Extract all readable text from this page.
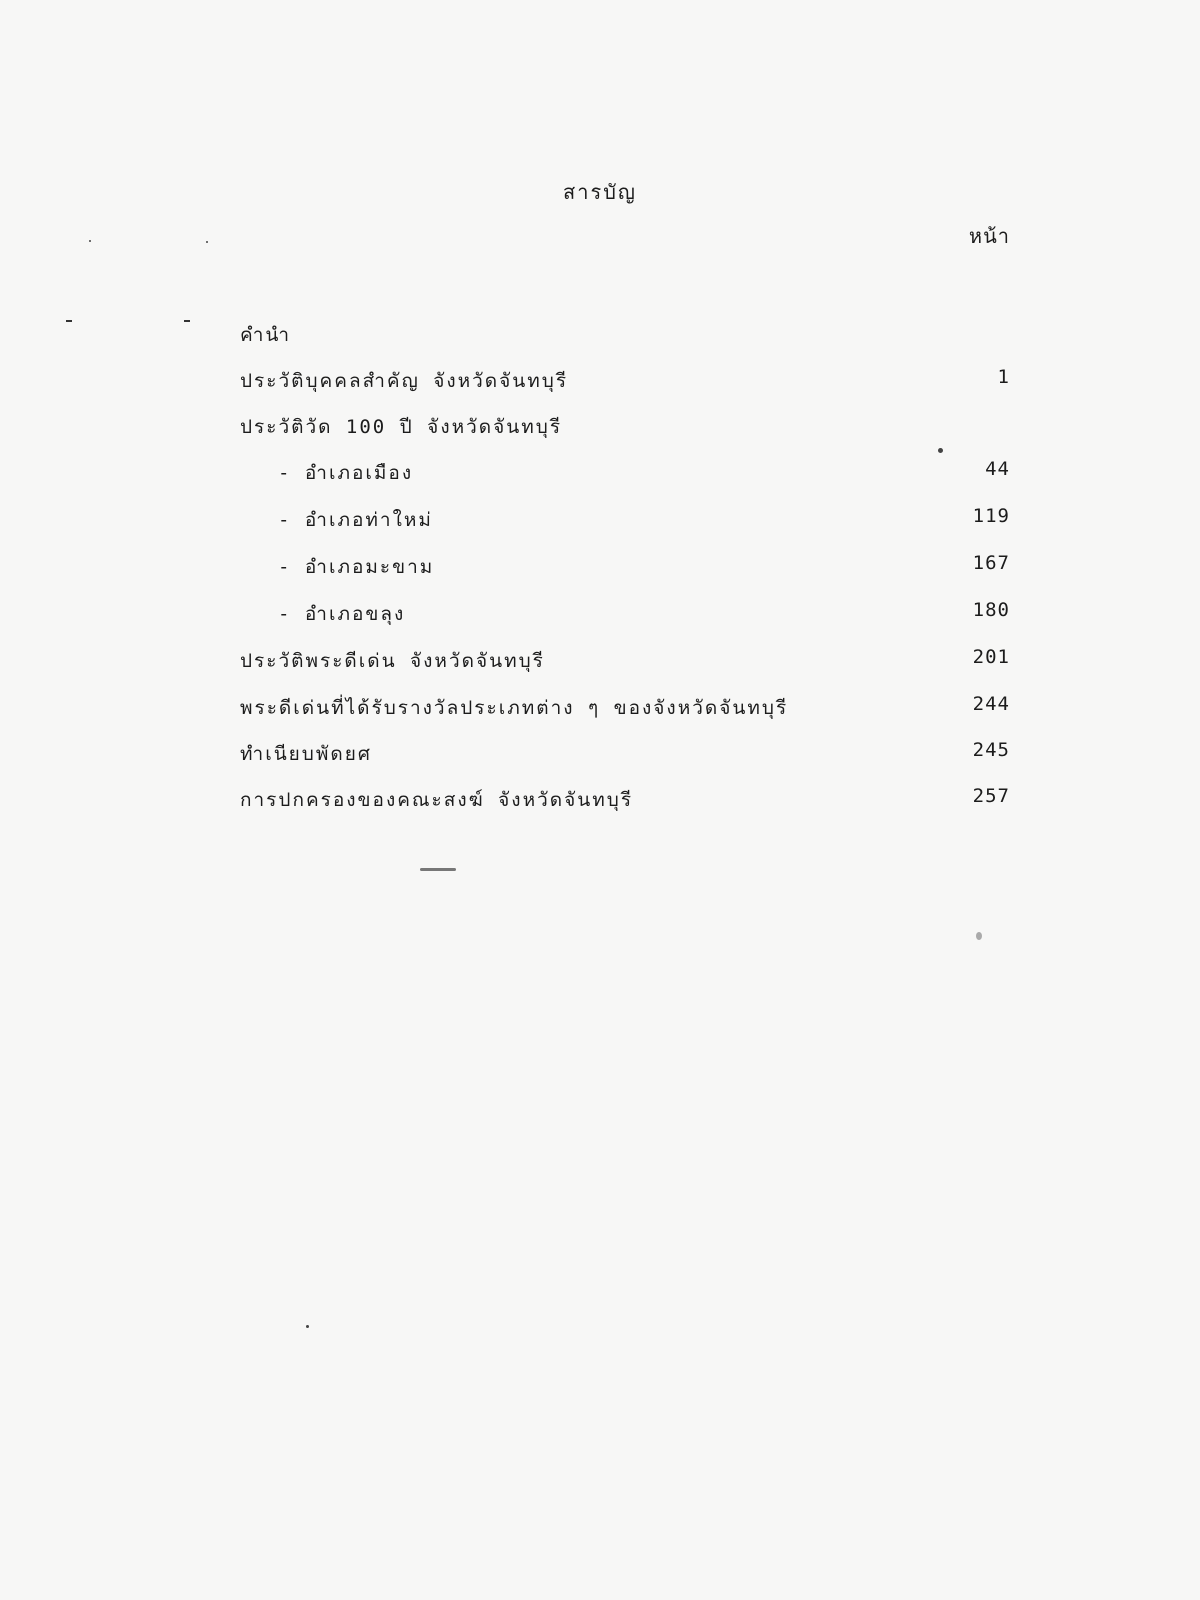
สารบัญ
หน้า
คำนำ
ประวัติบุคคลสำคัญ จังหวัดจันทบุรี	1
ประวัติวัด 100 ปี จังหวัดจันทบุรี
- อำเภอเมือง	44
- อำเภอท่าใหม่	119
- อำเภอมะขาม	167
- อำเภอขลุง	180
ประวัติพระดีเด่น จังหวัดจันทบุรี	201
พระดีเด่นที่ได้รับรางวัลประเภทต่าง ๆ ของจังหวัดจันทบุรี	244
ทำเนียบพัดยศ	245
การปกครองของคณะสงฆ์ จังหวัดจันทบุรี	257
